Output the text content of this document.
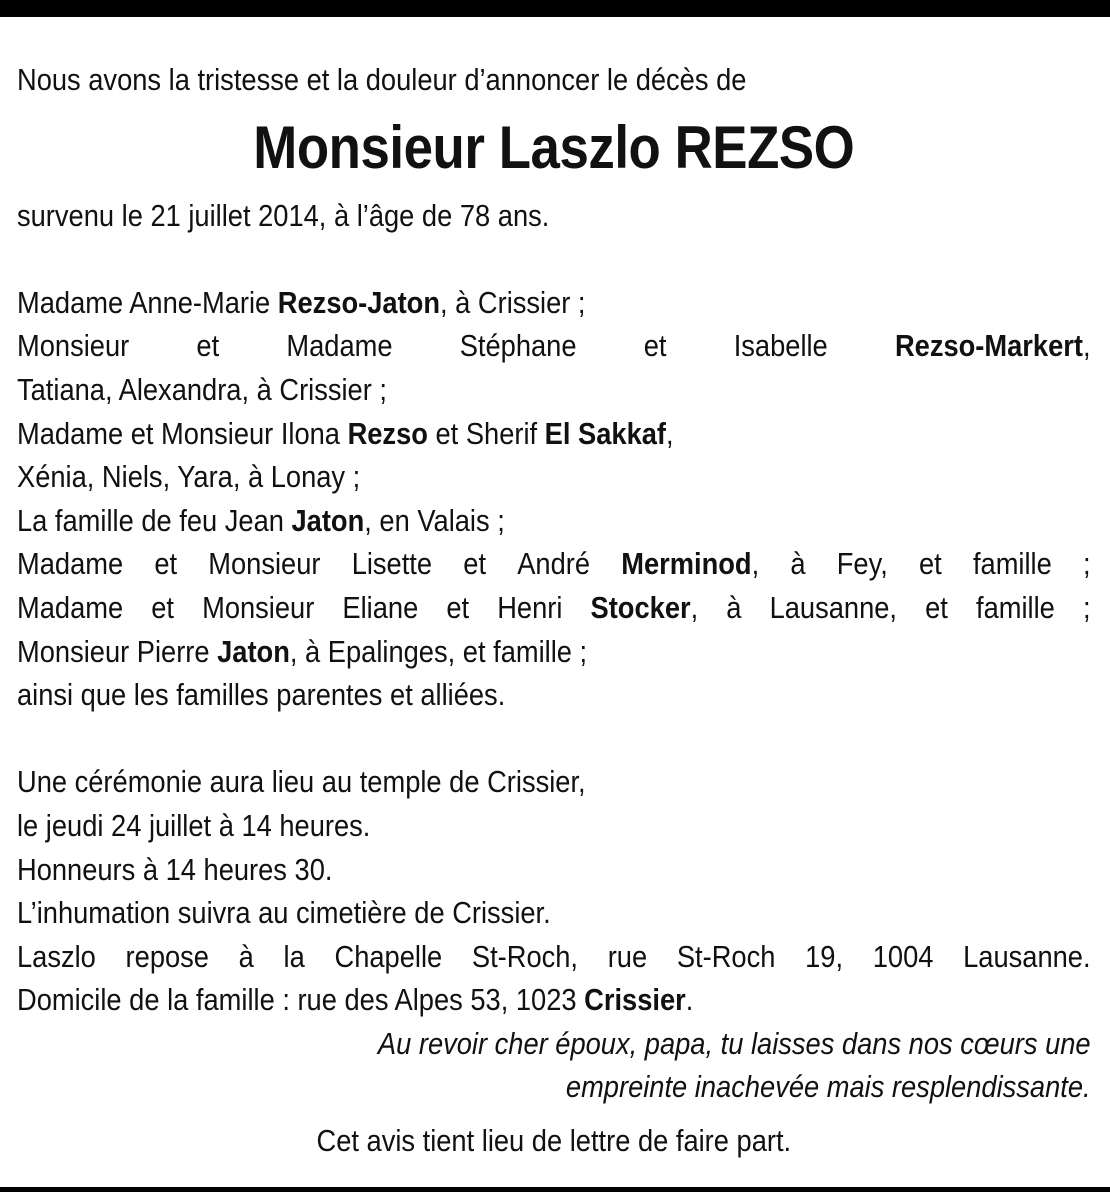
Nous avons la tristesse et la douleur d’annoncer le décès de
Monsieur Laszlo REZSO
survenu le 21 juillet 2014, à l’âge de 78 ans.
Madame Anne-Marie Rezso-Jaton, à Crissier ;
Monsieur et Madame Stéphane et Isabelle Rezso-Markert,
Tatiana, Alexandra, à Crissier ;
Madame et Monsieur Ilona Rezso et Sherif El Sakkaf,
Xénia, Niels, Yara, à Lonay ;
La famille de feu Jean Jaton, en Valais ;
Madame et Monsieur Lisette et André Merminod, à Fey, et famille ;
Madame et Monsieur Eliane et Henri Stocker, à Lausanne, et famille ;
Monsieur Pierre Jaton, à Epalinges, et famille ;
ainsi que les familles parentes et alliées.
Une cérémonie aura lieu au temple de Crissier,
le jeudi 24 juillet à 14 heures.
Honneurs à 14 heures 30.
L’inhumation suivra au cimetière de Crissier.
Laszlo repose à la Chapelle St-Roch, rue St-Roch 19, 1004 Lausanne.
Domicile de la famille : rue des Alpes 53, 1023 Crissier.
Au revoir cher époux, papa, tu laisses dans nos cœurs une
empreinte inachevée mais resplendissante.
Cet avis tient lieu de lettre de faire part.
